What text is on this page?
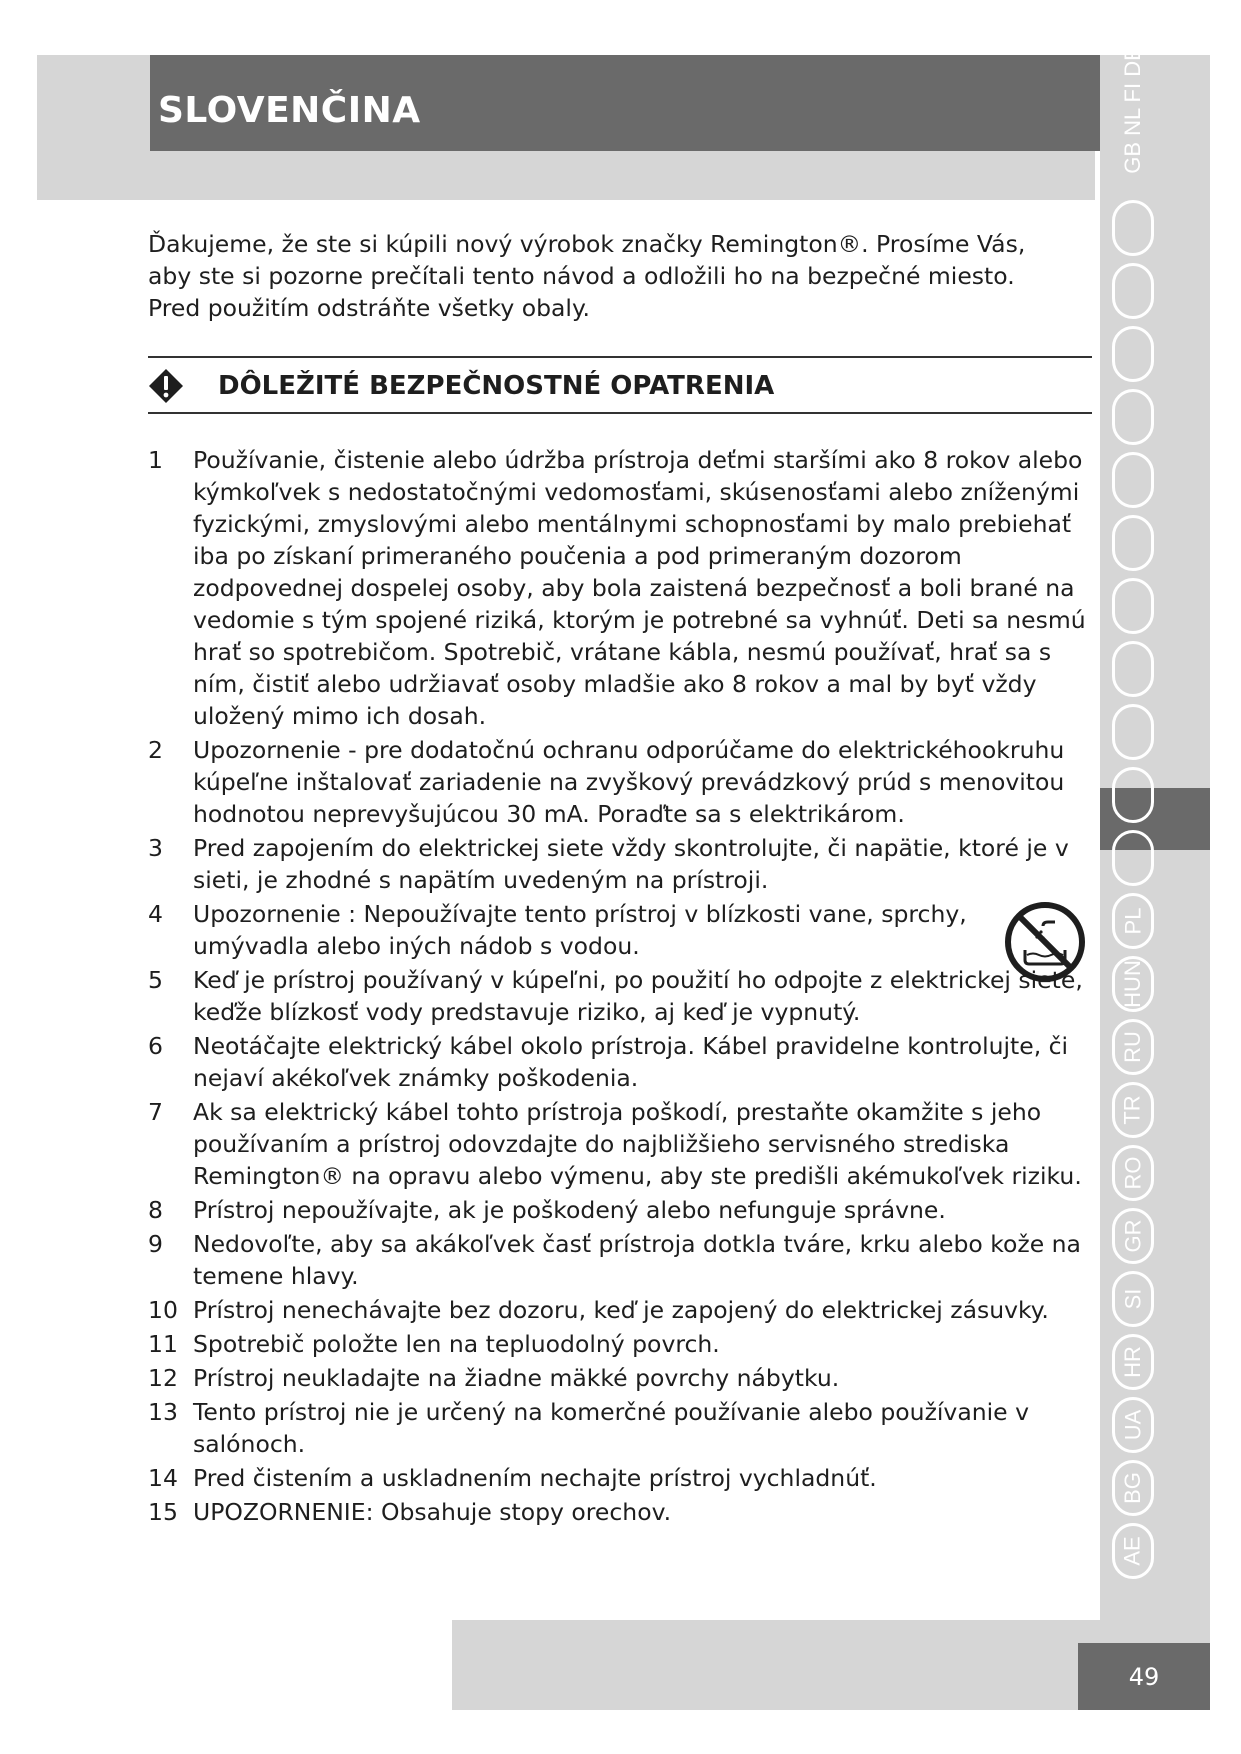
SLOVENČINA	GB NL FI DE
PL
HUN
RU
TR
RO
GR
SI
HR
UA
BG
AE

Ďakujeme, že ste si kúpili nový výrobok značky Remington®. Prosíme Vás, aby ste si pozorne prečítali tento návod a odložili ho na bezpečné miesto.

Pred použitím odstráňte všetky obaly.

DÔLEŽITÉ BEZPEČNOSTNÉ OPATRENIA
1	Používanie, čistenie alebo údržba prístroja deťmi staršími ako 8 rokov alebo kýmkoľvek s nedostatočnými vedomosťami, skúsenosťami alebo zníženými fyzickými, zmyslovými alebo mentálnymi schopnosťami by malo prebiehať iba po získaní primeraného poučenia a pod primeraným dozorom zodpovednej dospelej osoby, aby bola zaistená bezpečnosť a boli brané na vedomie s tým spojené riziká, ktorým je potrebné sa vyhnúť. Deti sa nesmú hrať so spotrebičom. Spotrebič, vrátane kábla, nesmú používať, hrať sa s ním, čistiť alebo udržiavať osoby mladšie ako 8 rokov a mal by byť vždy uložený mimo ich dosah.
2	Upozornenie - pre dodatočnú ochranu odporúčame do elektrickéhookruhu kúpeľne inštalovať zariadenie na zvyškový prevádzkový prúd s menovitou hodnotou neprevyšujúcou 30 mA. Poraďte sa s elektrikárom.
3	Pred zapojením do elektrickej siete vždy skontrolujte, či napätie, ktoré je v sieti, je zhodné s napätím uvedeným na prístroji.
4	Upozornenie : Nepoužívajte tento prístroj v blízkosti vane, sprchy, umývadla alebo iných nádob s vodou.
5	Keď je prístroj používaný v kúpeľni, po použití ho odpojte z elektrickej siete, keďže blízkosť vody predstavuje riziko, aj keď je vypnutý.
6	Neotáčajte elektrický kábel okolo prístroja. Kábel pravidelne kontrolujte, či nejaví akékoľvek známky poškodenia.
7	Ak sa elektrický kábel tohto prístroja poškodí, prestaňte okamžite s jeho používaním a prístroj odovzdajte do najbližšieho servisného strediska Remington® na opravu alebo výmenu, aby ste predišli akémukoľvek riziku.
8	Prístroj nepoužívajte, ak je poškodený alebo nefunguje správne.
9	Nedovoľte, aby sa akákoľvek časť prístroja dotkla tváre, krku alebo kože na temene hlavy.
10 Prístroj nenechávajte bez dozoru, keď je zapojený do elektrickej zásuvky.
11 Spotrebič položte len na tepluodolný povrch.
12 Prístroj neukladajte na žiadne mäkké povrchy nábytku.
13 Tento prístroj nie je určený na komerčné používanie alebo používanie v salónoch.
14 Pred čistením a uskladnením nechajte prístroj vychladnúť.
15 UPOZORNENIE: Obsahuje stopy orechov.
49
